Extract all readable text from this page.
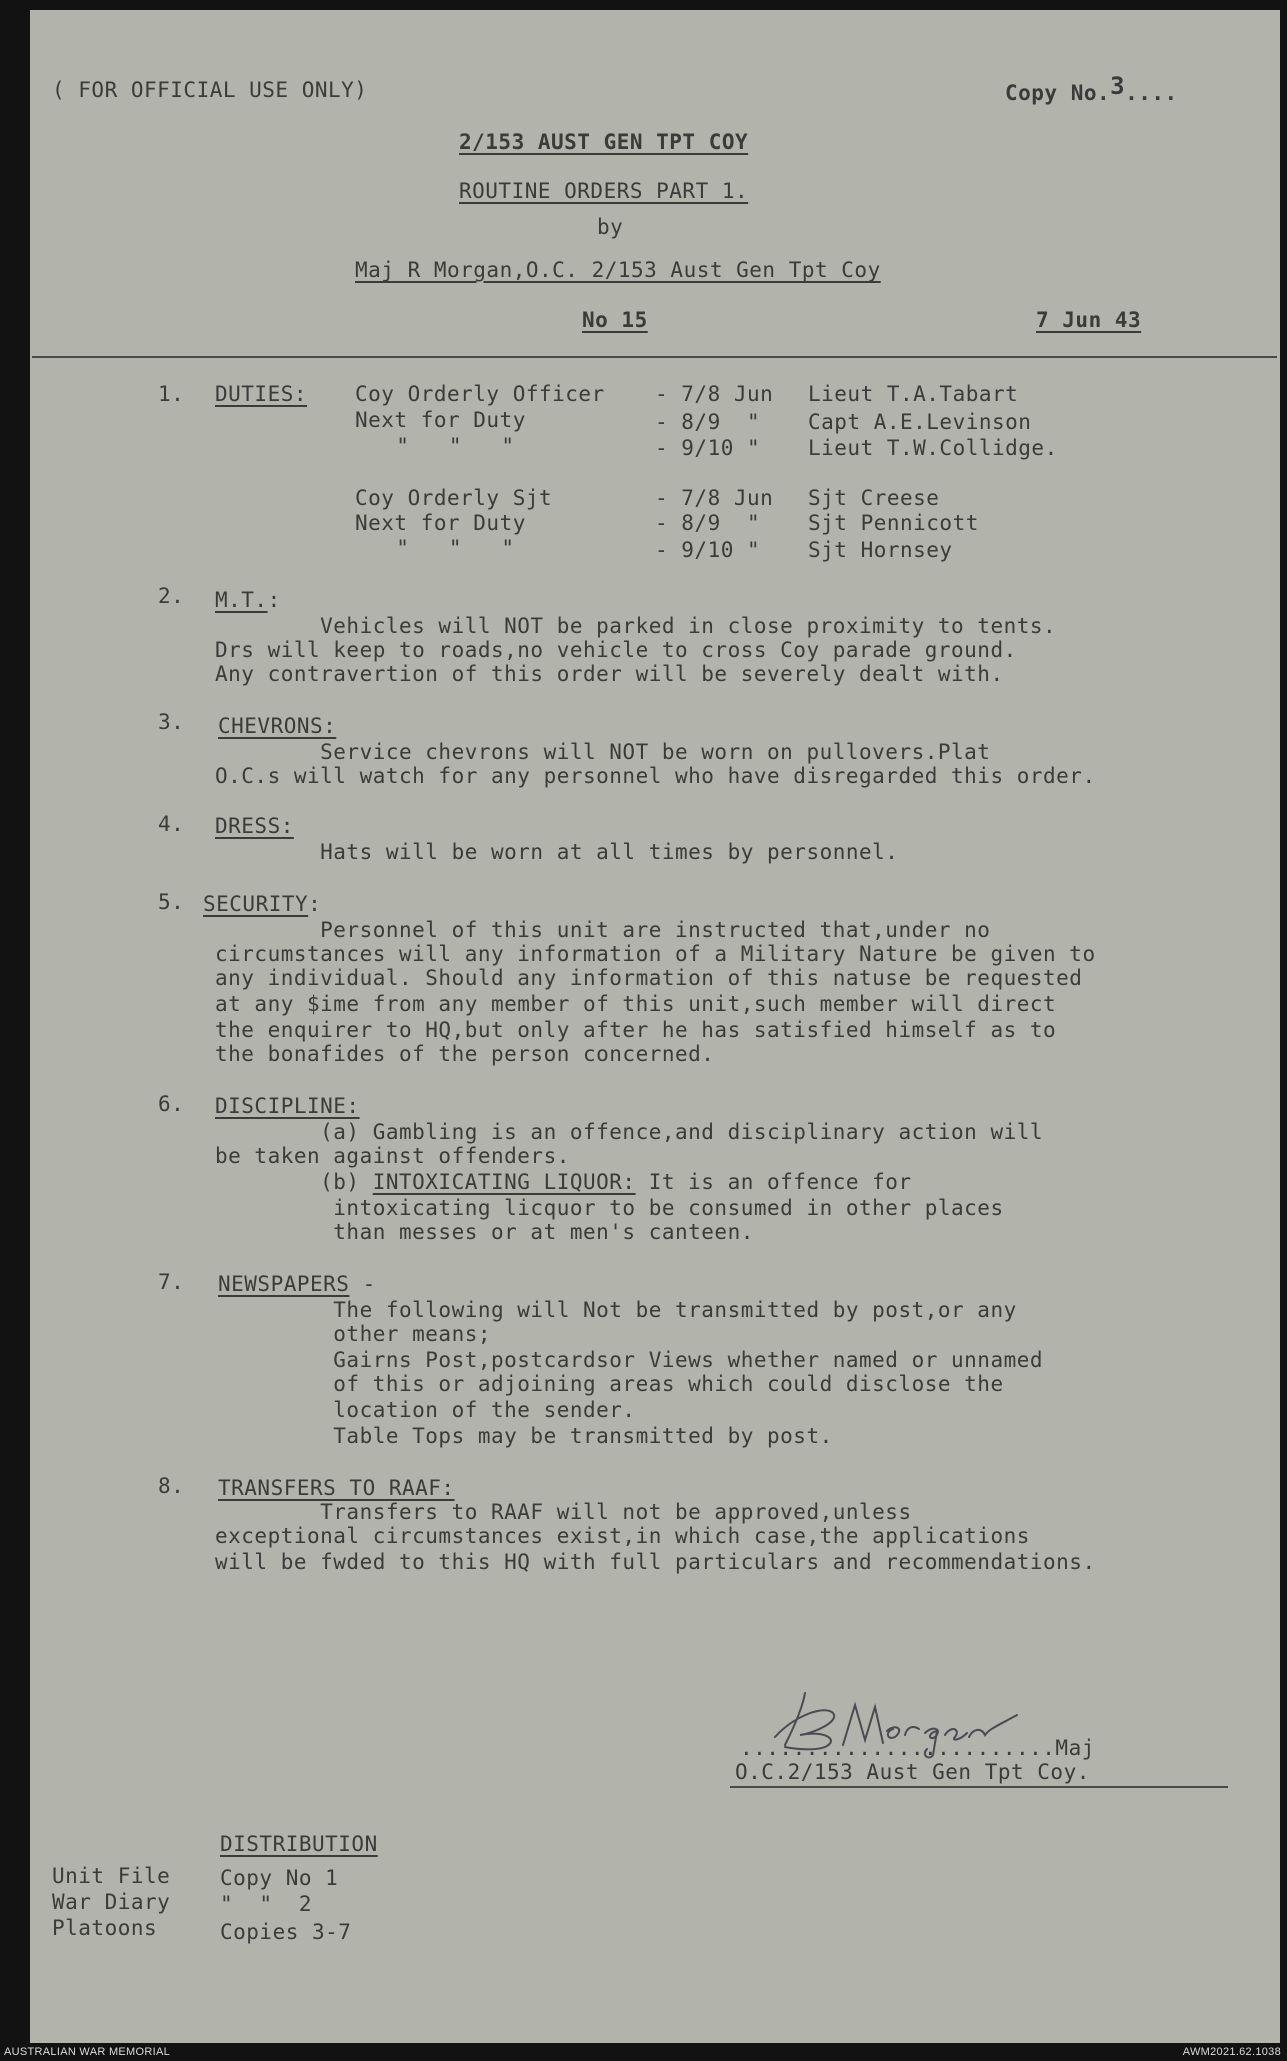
( FOR OFFICIAL USE ONLY)	Copy No.3....
2/153 AUST GEN TPT COY
ROUTINE ORDERS PART 1.
by
Maj R Morgan,O.C. 2/153 Aust Gen Tpt Coy
No 15	7 Jun 43
1. DUTIES: Coy Orderly Officer - 7/8 Jun Lieut T.A.Tabart
Next for Duty	- 8/9  " Capt A.E.Levinson
"   "   "	- 9/10 " Lieut T.W.Collidge.
Coy Orderly Sjt	- 7/8 Jun Sjt Creese
Next for Duty	- 8/9  " Sjt Pennicott
"   "   "	- 9/10 " Sjt Hornsey
2. M.T.:
Vehicles will NOT be parked in close proximity to tents.
Drs will keep to roads,no vehicle to cross Coy parade ground.
Any contravertion of this order will be severely dealt with.
3. CHEVRONS:
Service chevrons will NOT be worn on pullovers.Plat
O.C.s will watch for any personnel who have disregarded this order.
4. DRESS:
Hats will be worn at all times by personnel.
5. SECURITY:
Personnel of this unit are instructed that,under no
circumstances will any information of a Military Nature be given to
any individual. Should any information of this natuse be requested
at any $ime from any member of this unit,such member will direct
the enquirer to HQ,but only after he has satisfied himself as to
the bonafides of the person concerned.
6. DISCIPLINE:
(a) Gambling is an offence,and disciplinary action will
be taken against offenders.
(b) INTOXICATING LIQUOR: It is an offence for
intoxicating licquor to be consumed in other places
than messes or at men's canteen.
7. NEWSPAPERS -
The following will Not be transmitted by post,or any
other means;
Gairns Post,postcardsor Views whether named or unnamed
of this or adjoining areas which could disclose the
location of the sender.
Table Tops may be transmitted by post.
8. TRANSFERS TO RAAF:
Transfers to RAAF will not be approved,unless
exceptional circumstances exist,in which case,the applications
will be fwded to this HQ with full particulars and recommendations.
........................Maj
O.C.2/153 Aust Gen Tpt Coy.
DISTRIBUTION
Unit File Copy No 1
War Diary "  "  2
Platoons	Copies 3-7
AUSTRALIAN WAR MEMORIAL	AWM2021.62.1038
